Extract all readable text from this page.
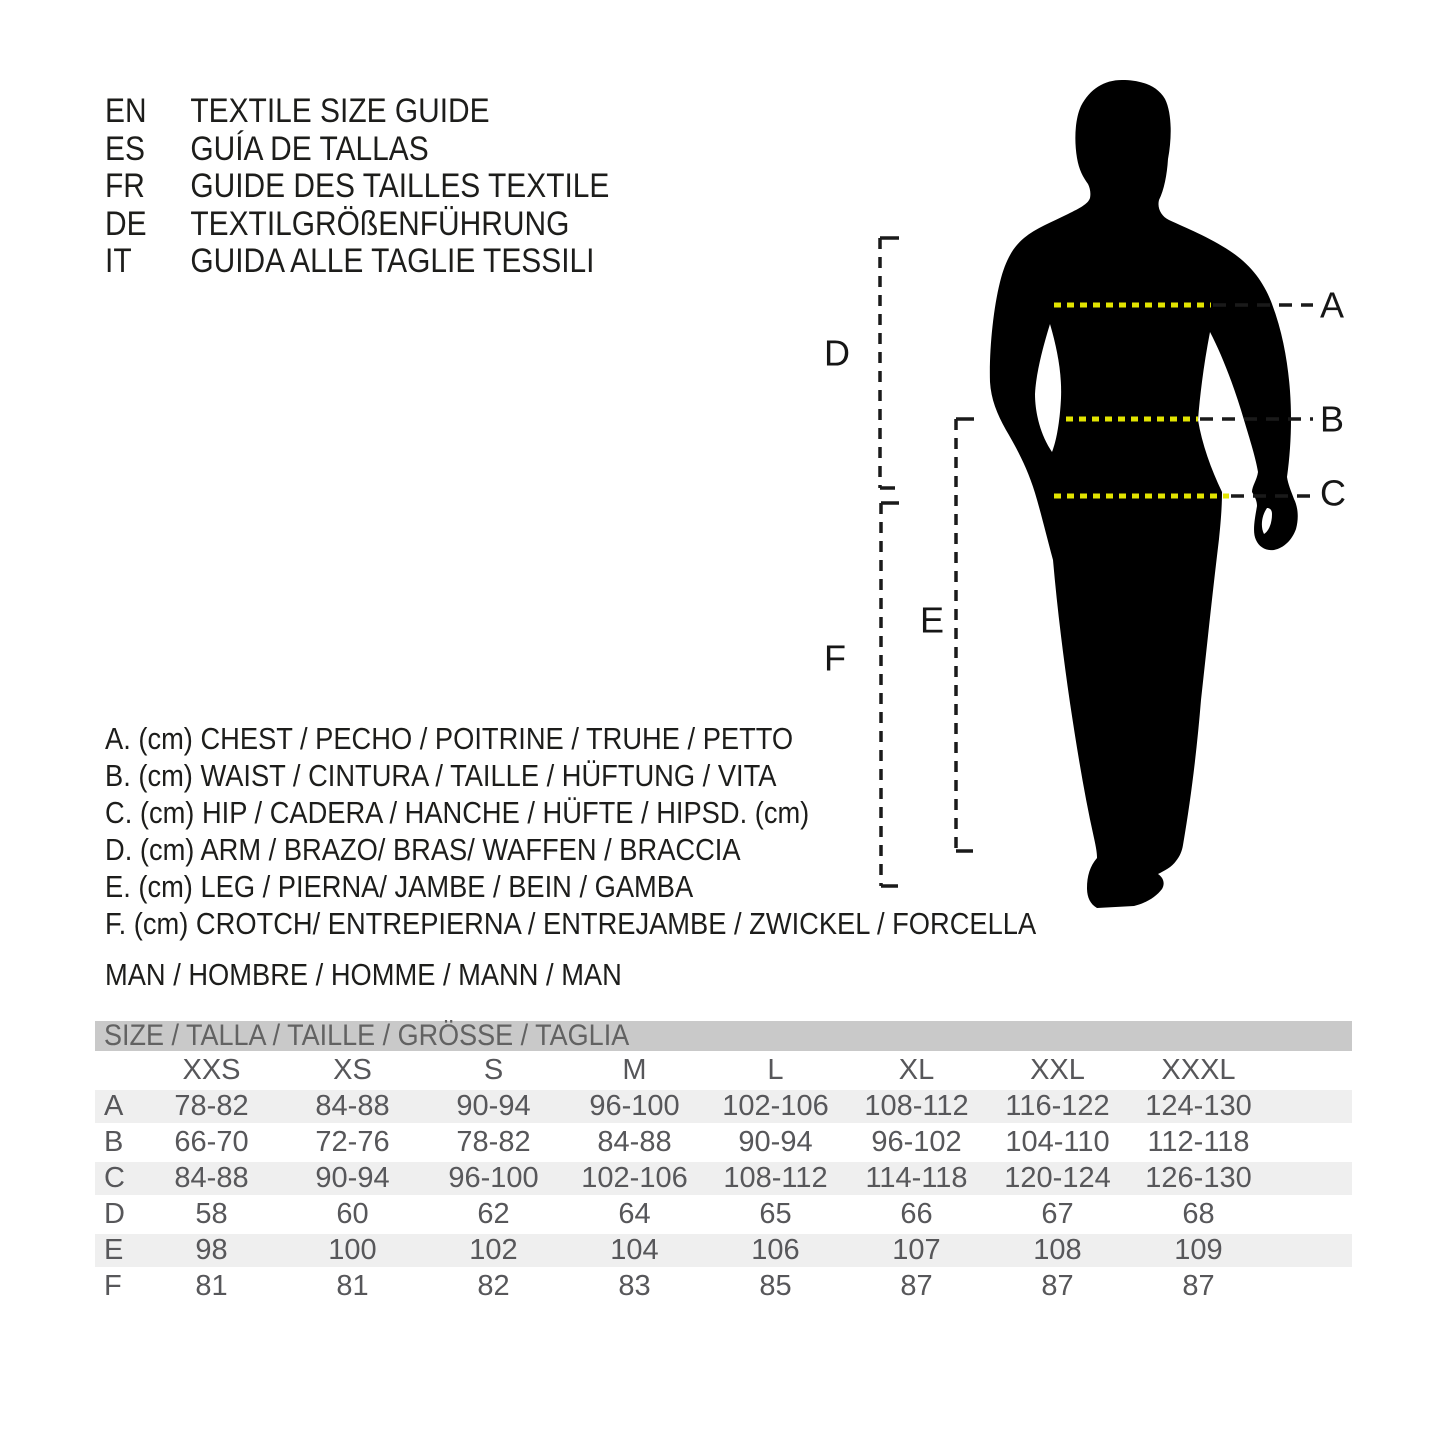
EN	TEXTILE SIZE GUIDE
ES	GUÍA DE TALLAS
FR	GUIDE DES TAILLES TEXTILE
DE	TEXTILGRÖßENFÜHRUNG
IT	GUIDA ALLE TAGLIE TESSILI
A. (cm) CHEST / PECHO / POITRINE / TRUHE / PETTO
B. (cm) WAIST / CINTURA / TAILLE / HÜFTUNG / VITA
C. (cm) HIP / CADERA / HANCHE / HÜFTE / HIPSD. (cm)
D. (cm) ARM / BRAZO/ BRAS/ WAFFEN / BRACCIA
E. (cm) LEG / PIERNA/ JAMBE / BEIN / GAMBA
F. (cm) CROTCH/ ENTREPIERNA / ENTREJAMBE / ZWICKEL / FORCELLA
MAN / HOMBRE / HOMME / MANN / MAN
A
B
C
D
F
E
SIZE / TALLA / TAILLE / GRÖSSE / TAGLIA
	XXS	XS	S	M	L	XL	XXL	XXXL	
A	78-82	84-88	90-94	96-100	102-106	108-112	116-122	124-130	
B	66-70	72-76	78-82	84-88	90-94	96-102	104-110	112-118	
C	84-88	90-94	96-100	102-106	108-112	114-118	120-124	126-130	
D	58	60	62	64	65	66	67	68	
E	98	100	102	104	106	107	108	109	
F	81	81	82	83	85	87	87	87	
